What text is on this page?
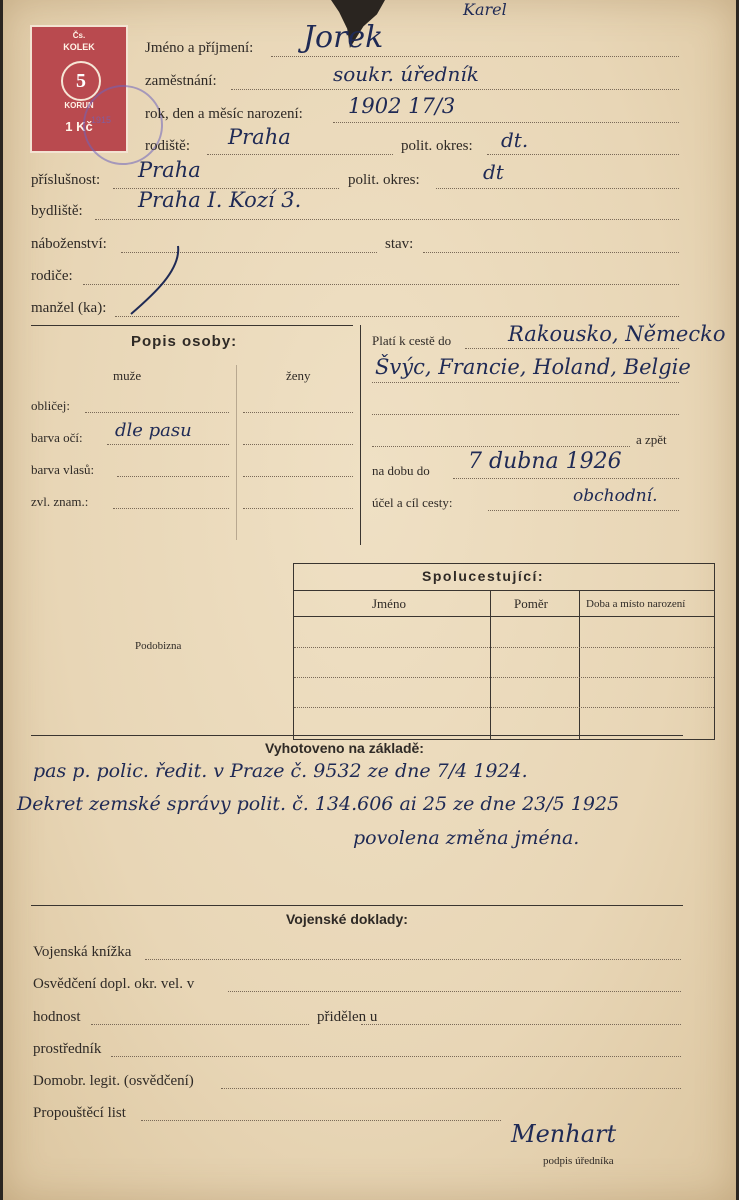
Čs.
KOLEK
5
KORUN
1 Kč
1915
Jméno a příjmení: Jorek
Karel
zaměstnání:	soukr. úředník
rok, den a měsíc narození: 1902 17/3
rodiště: Praha	polit. okres: dt.
příslušnost: Praha	polit. okres:	dt
bydliště:	Praha I. Kozí 3.
náboženství:	stav:
rodiče:
manžel (ka):
Popis osoby:
muže	ženy
obličej:
barva očí: dle pasu
barva vlasů:
zvl. znam.:
Platí k cestě do	Rakousko, Německo
Švýc, Francie, Holand, Belgie
a zpět
na dobu do 7 dubna 1926
účel a cíl cesty:	obchodní.
Spolucestující:
Jméno	Poměr	Doba a místo narození
Podobizna
Vyhotoveno na základě:
pas p. polic. ředit. v Praze č. 9532 ze dne 7/4 1924.
Dekret zemské správy polit. č. 134.606 ai 25 ze dne 23/5 1925
povolena změna jména.
Vojenské doklady:
Vojenská knížka
Osvědčení dopl. okr. vel. v
hodnost	přidělen u
prostředník
Domobr. legit. (osvědčení)
Propouštěcí list
Menhart
podpis úředníka
